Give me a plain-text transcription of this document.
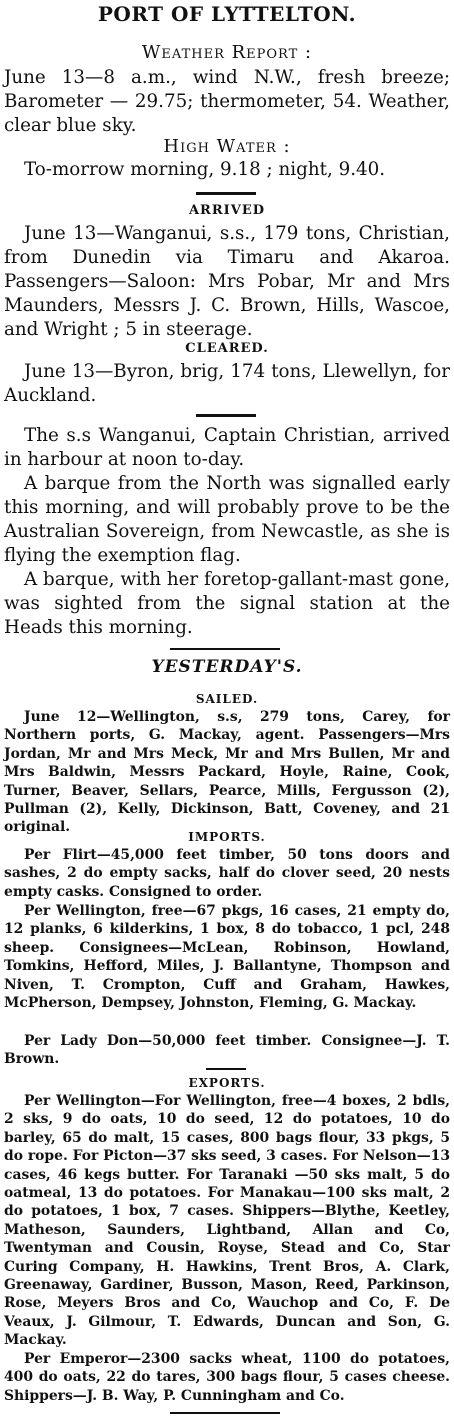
PORT OF LYTTELTON.
Weather Report :
June 13—8 a.m., wind N.W., fresh breeze; Barometer — 29.75; thermometer, 54. Weather, clear blue sky.
High Water :
To-morrow morning, 9.18 ; night, 9.40.
ARRIVED
June 13—Wanganui, s.s., 179 tons, Christian, from Dunedin via Timaru and Akaroa. Passengers—Saloon: Mrs Pobar, Mr and Mrs Maunders, Messrs J. C. Brown, Hills, Wascoe, and Wright ; 5 in steerage.
CLEARED.
June 13—Byron, brig, 174 tons, Llewellyn, for Auckland.
The s.s Wanganui, Captain Christian, arrived in harbour at noon to-day.
A barque from the North was signalled early this morning, and will probably prove to be the Australian Sovereign, from Newcastle, as she is flying the exemption flag.
A barque, with her foretop-gallant-mast gone, was sighted from the signal station at the Heads this morning.
YESTERDAY'S.
SAILED.
June 12—Wellington, s.s, 279 tons, Carey, for Northern ports, G. Mackay, agent. Passengers—Mrs Jordan, Mr and Mrs Meck, Mr and Mrs Bullen, Mr and Mrs Baldwin, Messrs Packard, Hoyle, Raine, Cook, Turner, Beaver, Sellars, Pearce, Mills, Fergusson (2), Pullman (2), Kelly, Dickinson, Batt, Coveney, and 21 original.
IMPORTS.
Per Flirt—45,000 feet timber, 50 tons doors and sashes, 2 do empty sacks, half do clover seed, 20 nests empty casks. Consigned to order.
Per Wellington, free—67 pkgs, 16 cases, 21 empty do, 12 planks, 6 kilderkins, 1 box, 8 do tobacco, 1 pcl, 248 sheep. Consignees—McLean, Robinson, Howland, Tomkins, Hefford, Miles, J. Ballantyne, Thompson and Niven, T. Crompton, Cuff and Graham, Hawkes, McPherson, Dempsey, Johnston, Fleming, G. Mackay.
Per Lady Don—50,000 feet timber. Consignee—J. T. Brown.
EXPORTS.
Per Wellington—For Wellington, free—4 boxes, 2 bdls, 2 sks, 9 do oats, 10 do seed, 12 do potatoes, 10 do barley, 65 do malt, 15 cases, 800 bags flour, 33 pkgs, 5 do rope. For Picton—37 sks seed, 3 cases. For Nelson—13 cases, 46 kegs butter. For Taranaki —50 sks malt, 5 do oatmeal, 13 do potatoes. For Manakau—100 sks malt, 2 do potatoes, 1 box, 7 cases. Shippers—Blythe, Keetley, Matheson, Saunders, Lightband, Allan and Co, Twentyman and Cousin, Royse, Stead and Co, Star Curing Company, H. Hawkins, Trent Bros, A. Clark, Greenaway, Gardiner, Busson, Mason, Reed, Parkinson, Rose, Meyers Bros and Co, Wauchop and Co, F. De Veaux, J. Gilmour, T. Edwards, Duncan and Son, G. Mackay.
Per Emperor—2300 sacks wheat, 1100 do potatoes, 400 do oats, 22 do tares, 300 bags flour, 5 cases cheese. Shippers—J. B. Way, P. Cunningham and Co.
